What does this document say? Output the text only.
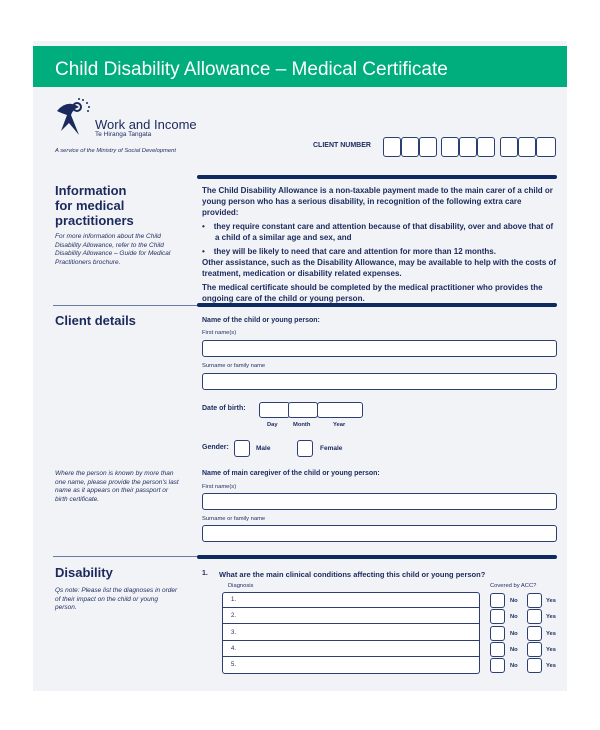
Child Disability Allowance – Medical Certificate
Work and Income
Te Hiranga Tangata
A service of the Ministry of Social Development
CLIENT NUMBER
Information for medical practitioners
For more information about the Child Disability Allowance, refer to the Child Disability Allowance – Guide for Medical Practitioners brochure.

The Child Disability Allowance is a non-taxable payment made to the main carer of a child or young person who has a serious disability, in recognition of the following extra care provided:

•    they require constant care and attention because of that disability, over and above that of a child of a similar age and sex, and

•    they will be likely to need that care and attention for more than 12 months.

Other assistance, such as the Disability Allowance, may be available to help with the costs of treatment, medication or disability related expenses.

The medical certificate should be completed by the medical practitioner who provides the ongoing care of the child or young person.

Client details	Name of the child or young person:
First name(s)
Surname or family name
Date of birth:
Day	Month	Year
Gender:	Male	Female
Where the person is known by more than one name, please provide the person's last name as it appears on their passport or birth certificate.
Name of main caregiver of the child or young person:
First name(s)
Surname or family name
Disability
Qs note: Please list the diagnoses in order of their impact on the child or young person.
1. What are the main clinical conditions affecting this child or young person?
Diagnosis	Covered by ACC?
1.	No	Yes
2.	No	Yes
3.	No	Yes
4.	No	Yes
5.	No	Yes
